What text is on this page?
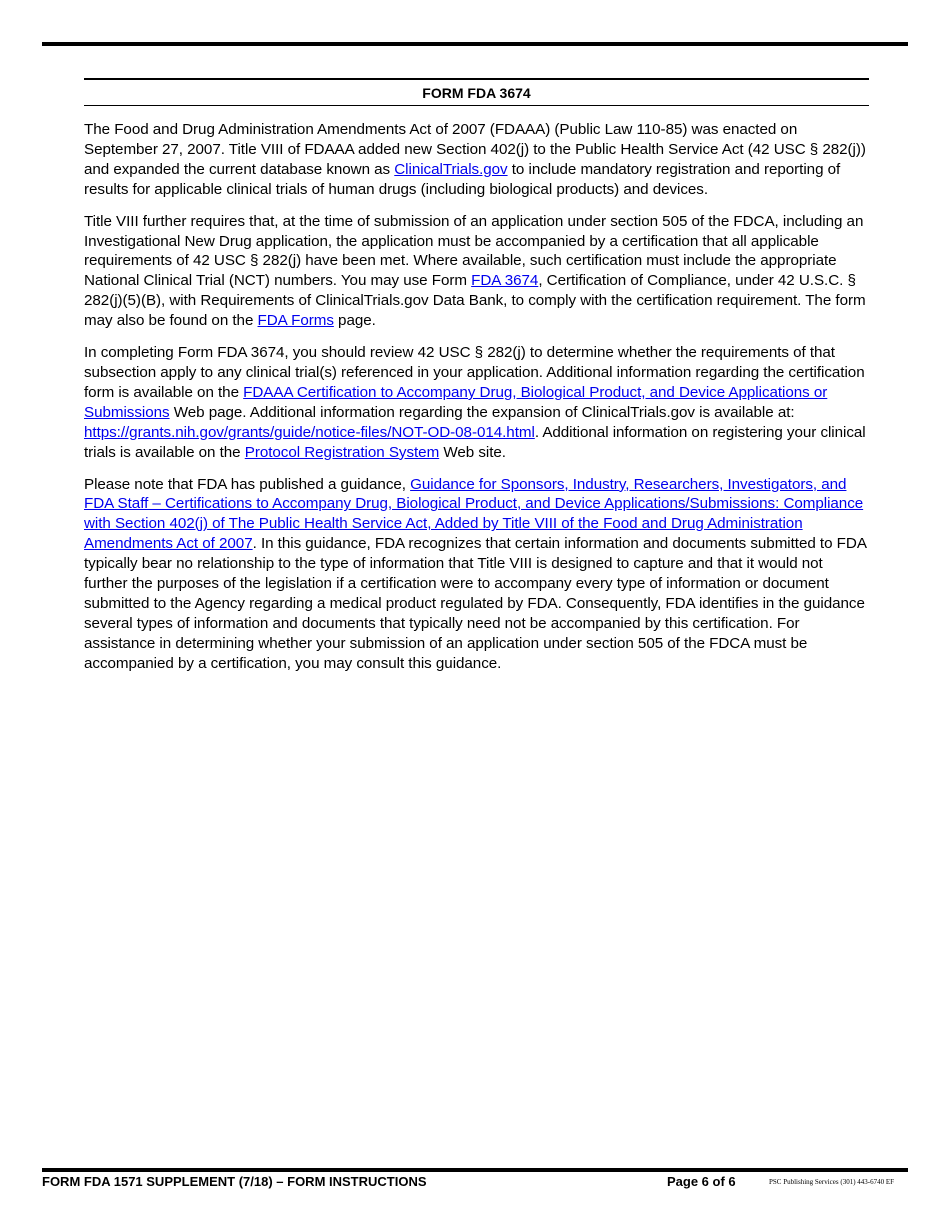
FORM FDA 3674

The Food and Drug Administration Amendments Act of 2007 (FDAAA) (Public Law 110-85) was enacted on September 27, 2007. Title VIII of FDAAA added new Section 402(j) to the Public Health Service Act (42 USC § 282(j)) and expanded the current database known as ClinicalTrials.gov to include mandatory registration and reporting of results for applicable clinical trials of human drugs (including biological products) and devices.

Title VIII further requires that, at the time of submission of an application under section 505 of the FDCA, including an Investigational New Drug application, the application must be accompanied by a certification that all applicable requirements of 42 USC § 282(j) have been met. Where available, such certification must include the appropriate National Clinical Trial (NCT) numbers. You may use Form FDA 3674, Certification of Compliance, under 42 U.S.C. § 282(j)(5)(B), with Requirements of ClinicalTrials.gov Data Bank, to comply with the certification requirement. The form may also be found on the FDA Forms page.

In completing Form FDA 3674, you should review 42 USC § 282(j) to determine whether the requirements of that subsection apply to any clinical trial(s) referenced in your application. Additional information regarding the certification form is available on the FDAAA Certification to Accompany Drug, Biological Product, and Device Applications or Submissions Web page. Additional information regarding the expansion of ClinicalTrials.gov is available at: https://grants.nih.gov/grants/guide/notice-files/NOT-OD-08-014.html. Additional information on registering your clinical trials is available on the Protocol Registration System Web site.

Please note that FDA has published a guidance, Guidance for Sponsors, Industry, Researchers, Investigators, and FDA Staff – Certifications to Accompany Drug, Biological Product, and Device Applications/Submissions: Compliance with Section 402(j) of The Public Health Service Act, Added by Title VIII of the Food and Drug Administration Amendments Act of 2007. In this guidance, FDA recognizes that certain information and documents submitted to FDA typically bear no relationship to the type of information that Title VIII is designed to capture and that it would not further the purposes of the legislation if a certification were to accompany every type of information or document submitted to the Agency regarding a medical product regulated by FDA. Consequently, FDA identifies in the guidance several types of information and documents that typically need not be accompanied by this certification. For assistance in determining whether your submission of an application under section 505 of the FDCA must be accompanied by a certification, you may consult this guidance.

FORM FDA 1571 SUPPLEMENT (7/18) – FORM INSTRUCTIONS	Page 6 of 6	PSC Publishing Services (301) 443-6740 EF
